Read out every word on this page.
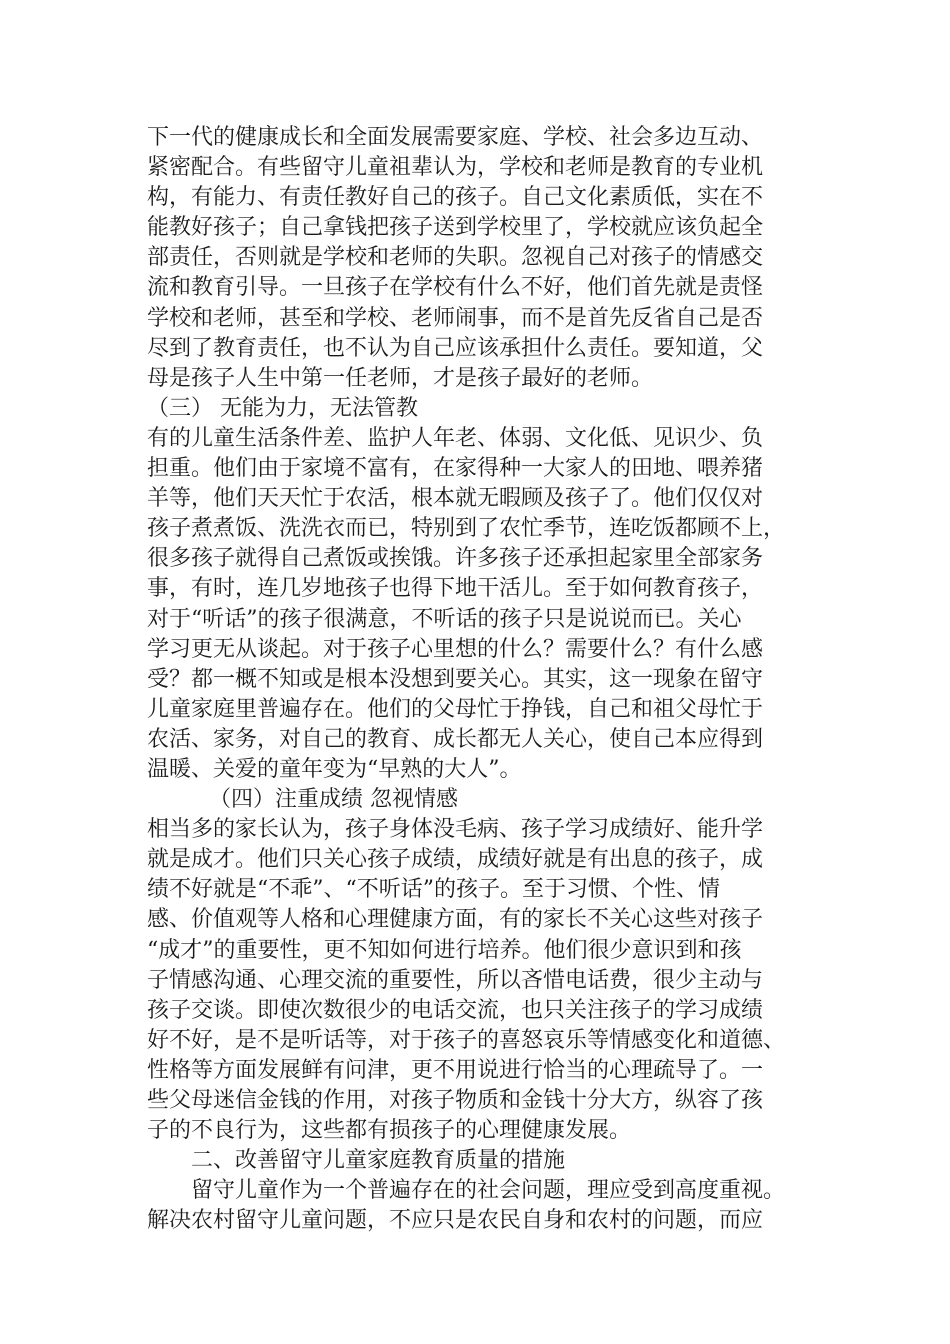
下一代的健康成长和全面发展需要家庭、学校、社会多边互动、
紧密配合。有些留守儿童祖辈认为，学校和老师是教育的专业机
构，有能力、有责任教好自己的孩子。自己文化素质低，实在不
能教好孩子；自己拿钱把孩子送到学校里了，学校就应该负起全
部责任，否则就是学校和老师的失职。忽视自己对孩子的情感交
流和教育引导。一旦孩子在学校有什么不好，他们首先就是责怪
学校和老师，甚至和学校、老师闹事，而不是首先反省自己是否
尽到了教育责任，也不认为自己应该承担什么责任。要知道，父
母是孩子人生中第一任老师，才是孩子最好的老师。
（三） 无能为力，无法管教
有的儿童生活条件差、监护人年老、体弱、文化低、见识少、负
担重。他们由于家境不富有，在家得种一大家人的田地、喂养猪
羊等，他们天天忙于农活，根本就无暇顾及孩子了。他们仅仅对
孩子煮煮饭、洗洗衣而已，特别到了农忙季节，连吃饭都顾不上，
很多孩子就得自己煮饭或挨饿。许多孩子还承担起家里全部家务
事，有时，连几岁地孩子也得下地干活儿。至于如何教育孩子，
对于“听话”的孩子很满意，不听话的孩子只是说说而已。关心
学习更无从谈起。对于孩子心里想的什么？需要什么？有什么感
受？都一概不知或是根本没想到要关心。其实，这一现象在留守
儿童家庭里普遍存在。他们的父母忙于挣钱，自己和祖父母忙于
农活、家务，对自己的教育、成长都无人关心，使自己本应得到
温暖、关爱的童年变为“早熟的大人”。
（四）注重成绩 忽视情感
相当多的家长认为，孩子身体没毛病、孩子学习成绩好、能升学
就是成才。他们只关心孩子成绩，成绩好就是有出息的孩子，成
绩不好就是“不乖”、“不听话”的孩子。至于习惯、个性、情
感、价值观等人格和心理健康方面，有的家长不关心这些对孩子
“成才”的重要性，更不知如何进行培养。他们很少意识到和孩
子情感沟通、心理交流的重要性，所以吝惜电话费，很少主动与
孩子交谈。即使次数很少的电话交流，也只关注孩子的学习成绩
好不好，是不是听话等，对于孩子的喜怒哀乐等情感变化和道德、
性格等方面发展鲜有问津，更不用说进行恰当的心理疏导了。一
些父母迷信金钱的作用，对孩子物质和金钱十分大方，纵容了孩
子的不良行为，这些都有损孩子的心理健康发展。
二、改善留守儿童家庭教育质量的措施
留守儿童作为一个普遍存在的社会问题，理应受到高度重视。
解决农村留守儿童问题，不应只是农民自身和农村的问题，而应
